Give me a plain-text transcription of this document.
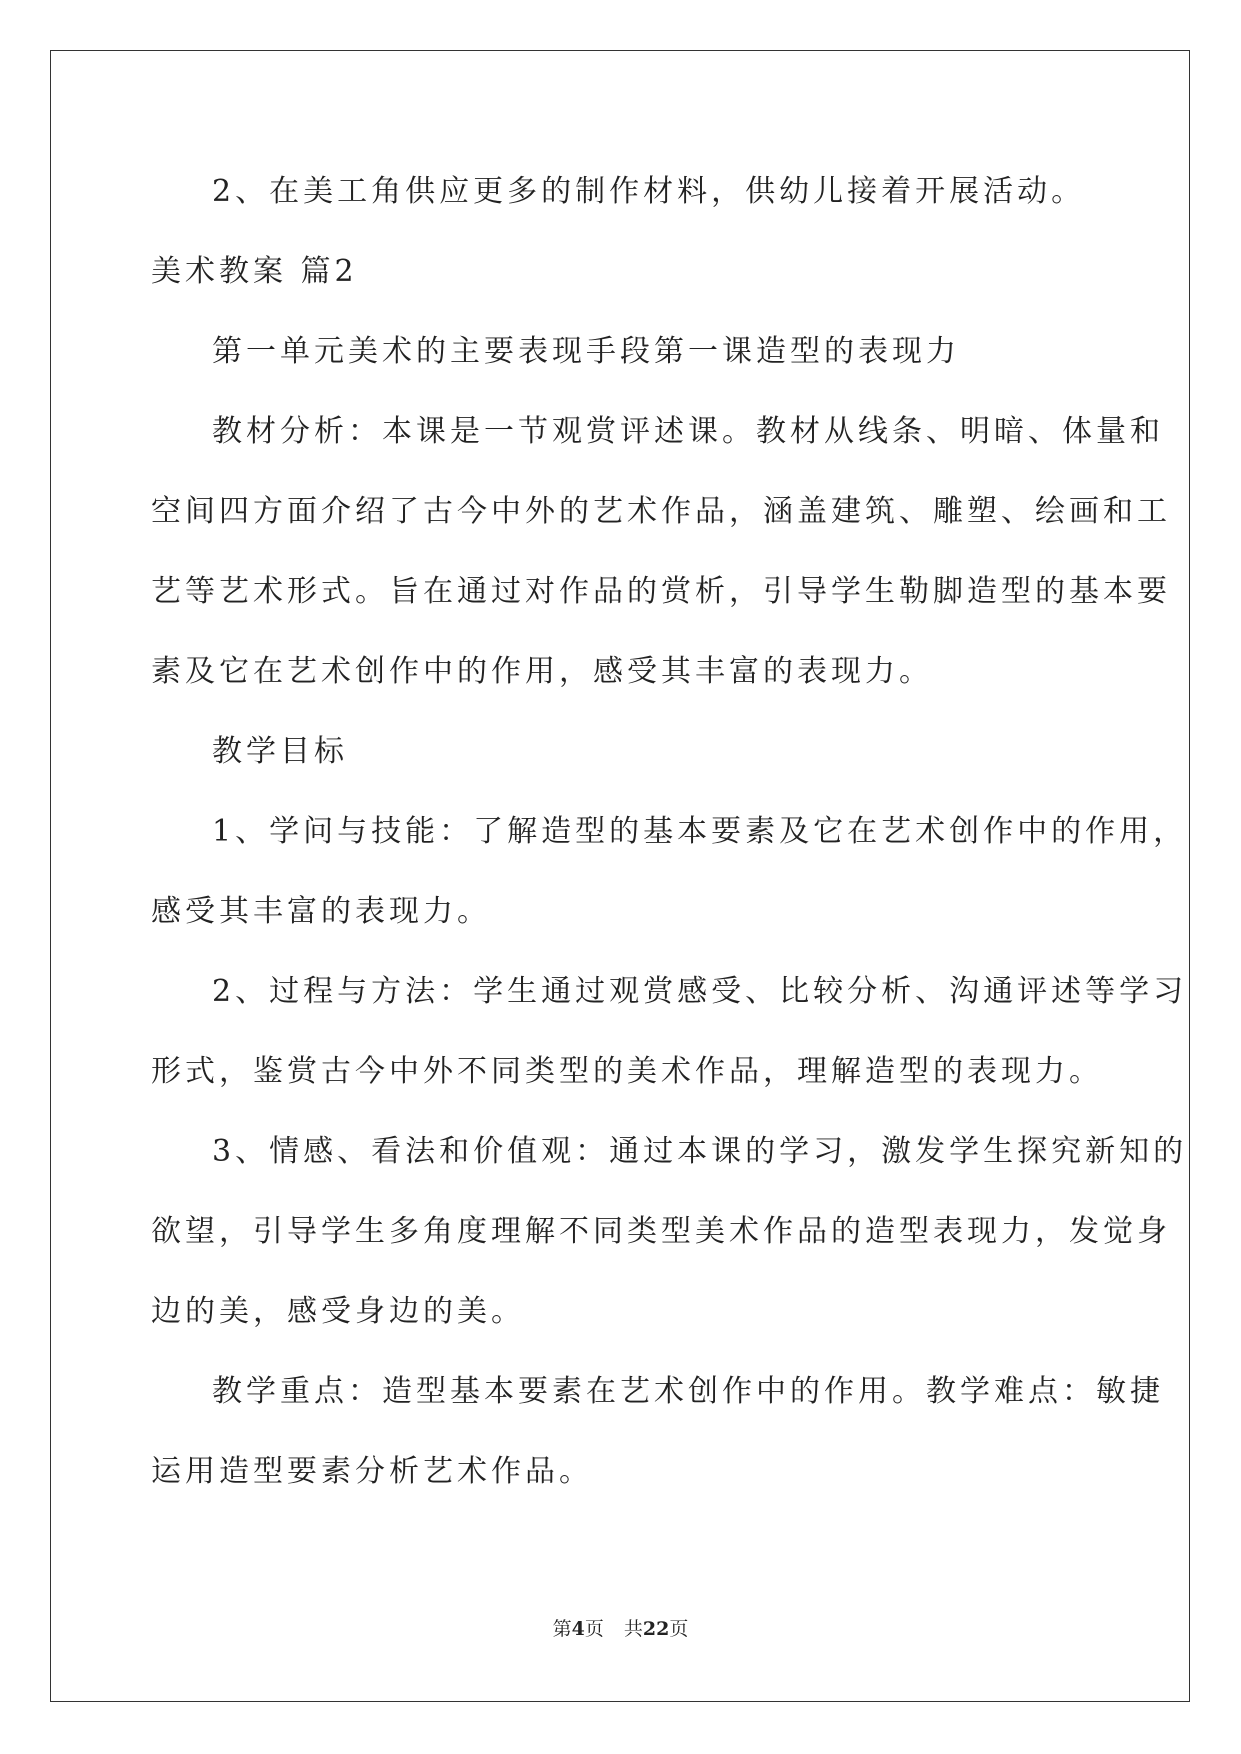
2、在美工角供应更多的制作材料，供幼儿接着开展活动。
美术教案 篇2
第一单元美术的主要表现手段第一课造型的表现力
教材分析：本课是一节观赏评述课。教材从线条、明暗、体量和
空间四方面介绍了古今中外的艺术作品，涵盖建筑、雕塑、绘画和工
艺等艺术形式。旨在通过对作品的赏析，引导学生勒脚造型的基本要
素及它在艺术创作中的作用，感受其丰富的表现力。
教学目标
1、学问与技能：了解造型的基本要素及它在艺术创作中的作用，
感受其丰富的表现力。
2、过程与方法：学生通过观赏感受、比较分析、沟通评述等学习
形式，鉴赏古今中外不同类型的美术作品，理解造型的表现力。
3、情感、看法和价值观：通过本课的学习，激发学生探究新知的
欲望，引导学生多角度理解不同类型美术作品的造型表现力，发觉身
边的美，感受身边的美。
教学重点：造型基本要素在艺术创作中的作用。教学难点：敏捷
运用造型要素分析艺术作品。
第4页 共22页
